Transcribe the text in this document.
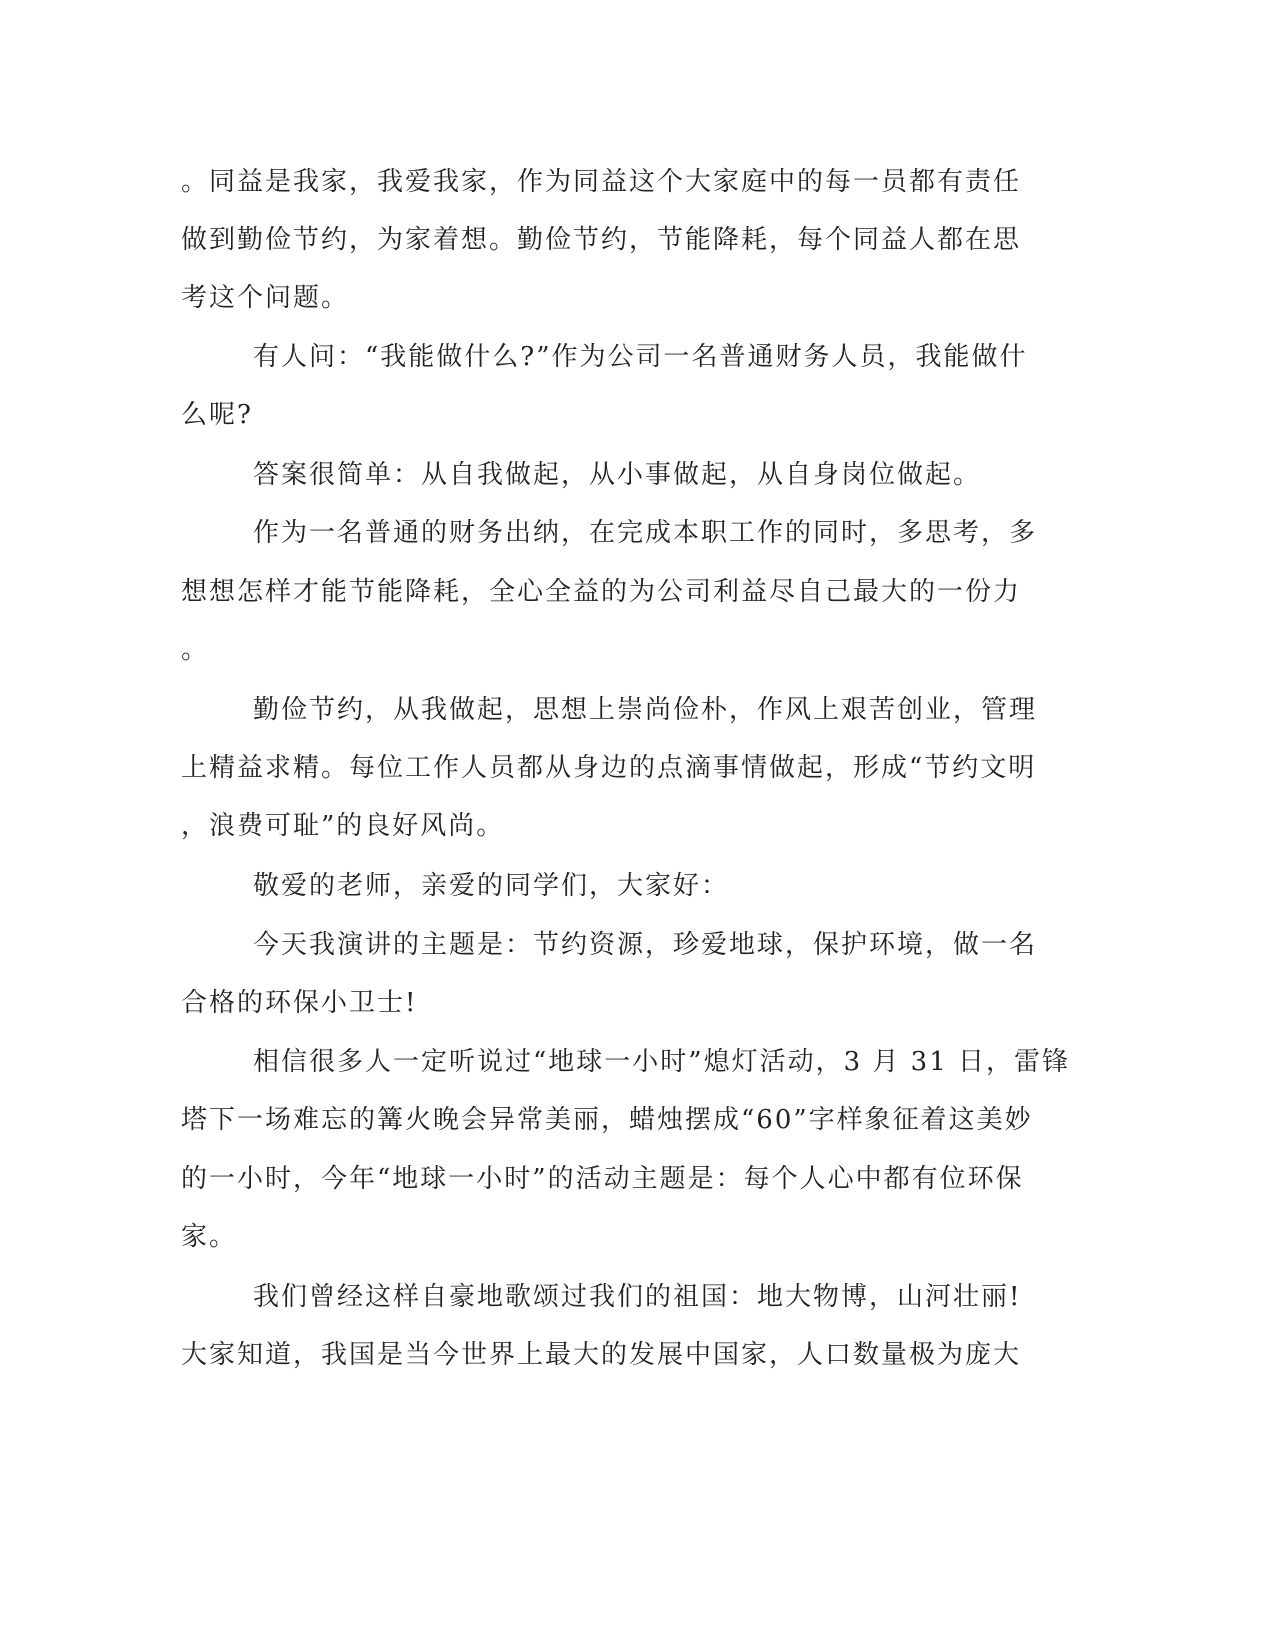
。同益是我家，我爱我家，作为同益这个大家庭中的每一员都有责任

做到勤俭节约，为家着想。勤俭节约，节能降耗，每个同益人都在思

考这个问题。

有人问：“我能做什么?”作为公司一名普通财务人员，我能做什

么呢?

答案很简单：从自我做起，从小事做起，从自身岗位做起。

作为一名普通的财务出纳，在完成本职工作的同时，多思考，多

想想怎样才能节能降耗，全心全益的为公司利益尽自己最大的一份力

。

勤俭节约，从我做起，思想上崇尚俭朴，作风上艰苦创业，管理

上精益求精。每位工作人员都从身边的点滴事情做起，形成“节约文明

，浪费可耻”的良好风尚。

敬爱的老师，亲爱的同学们，大家好：

今天我演讲的主题是：节约资源，珍爱地球，保护环境，做一名

合格的环保小卫士!

相信很多人一定听说过“地球一小时”熄灯活动，3 月 31 日，雷锋

塔下一场难忘的篝火晚会异常美丽，蜡烛摆成“60”字样象征着这美妙

的一小时，今年“地球一小时”的活动主题是：每个人心中都有位环保

家。

我们曾经这样自豪地歌颂过我们的祖国：地大物博，山河壮丽!

大家知道，我国是当今世界上最大的发展中国家，人口数量极为庞大
